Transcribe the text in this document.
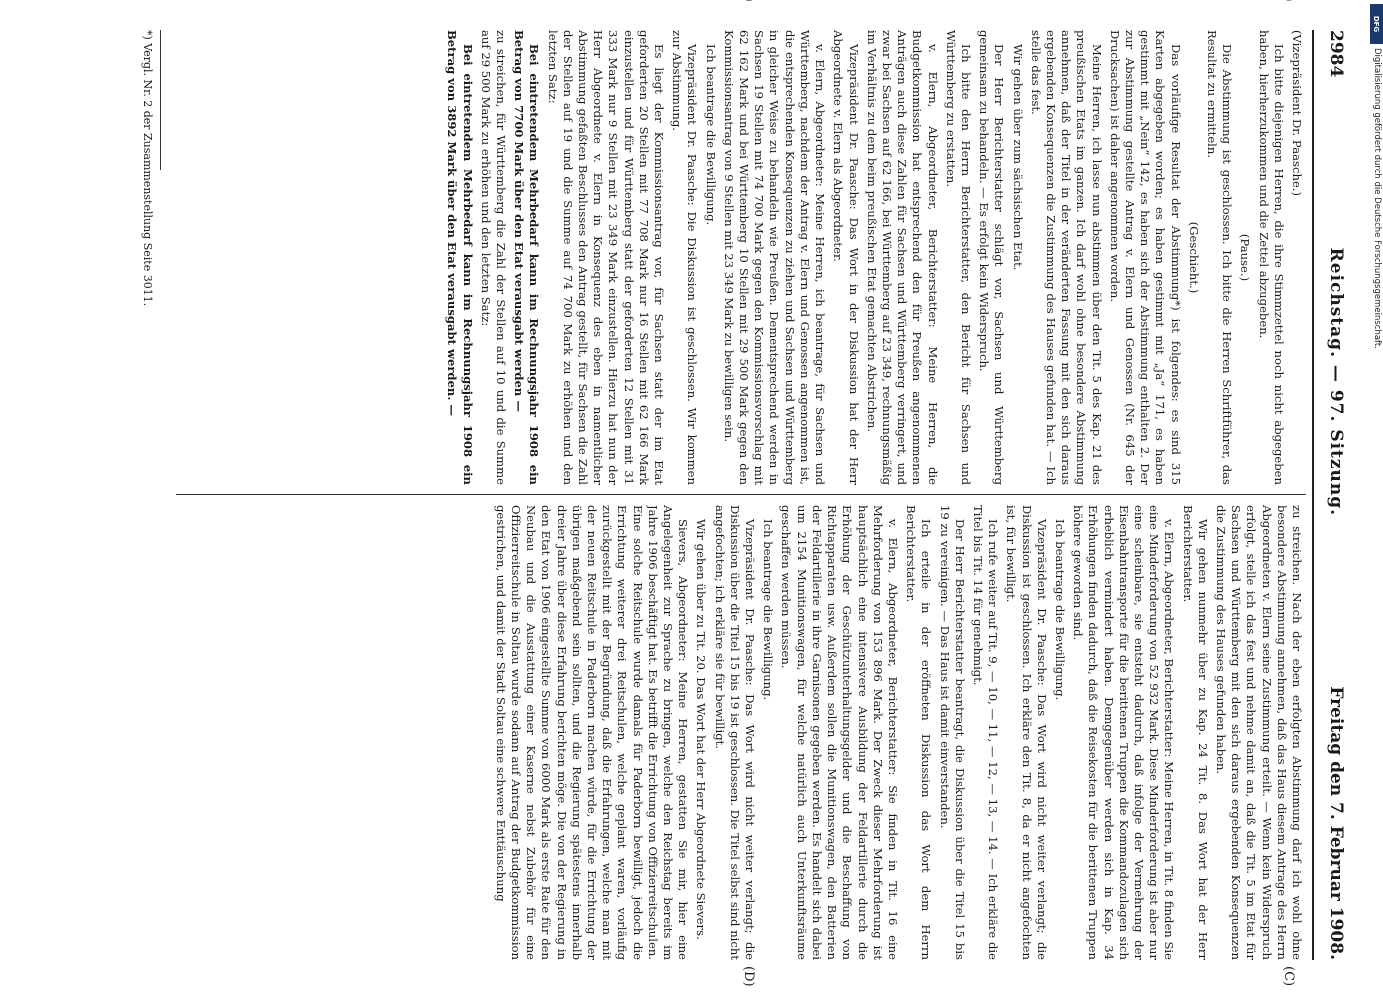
2984
Reichstag. — 97. Sitzung.
Freitag den 7. Februar 1908.
(C)
(D)

(Vizepräsident Dr. Paasche.)

Ich bitte diejenigen Herren, die ihre Stimmzettel noch nicht abgegeben haben, hierherzukommen und die Zettel abzugeben.

(Pause.)

Die Abstimmung ist geschlossen. Ich bitte die Herren Schriftführer, das Resultat zu ermitteln.

(Geschieht.)

Das vorläufige Resultat der Abstimmung*) ist folgendes: es sind 315 Karten abgegeben worden; es haben gestimmt mit „Ja“ 171, es haben gestimmt mit „Nein“ 142, es haben sich der Abstimmung enthalten 2. Der zur Abstimmung gestellte Antrag v. Elern und Genossen (Nr. 645 der Drucksachen) ist daher angenommen worden.

Meine Herren, ich lasse nun abstimmen über den Tit. 5 des Kap. 21 des preußischen Etats im ganzen. Ich darf wohl ohne besondere Abstimmung annehmen, daß der Titel in der veränderten Fassung mit den sich daraus ergebenden Konsequenzen die Zustimmung des Hauses gefunden hat. — Ich stelle das fest.

Wir gehen über zum sächsischen Etat.

Der Herr Berichterstatter schlägt vor, Sachsen und Württemberg gemeinsam zu behandeln. — Es erfolgt kein Widerspruch.

Ich bitte den Herrn Berichterstatter, den Bericht für Sachsen und Württemberg zu erstatten.

v. Elern, Abgeordneter, Berichterstatter: Meine Herren, die Budgetkommission hat entsprechend den für Preußen angenommenen Anträgen auch diese Zahlen für Sachsen und Württemberg verringert, und zwar bei Sachsen auf 62 166, bei Württemberg auf 23 349, rechnungsmäßig im Verhältnis zu dem beim preußischen Etat gemachten Abstrichen.

Vizepräsident Dr. Paasche: Das Wort in der Diskussion hat der Herr Abgeordnete v. Elern als Abgeordneter.

v. Elern, Abgeordneter: Meine Herren, ich beantrage, für Sachsen und Württemberg, nachdem der Antrag v. Elern und Genossen angenommen ist, die entsprechenden Konsequenzen zu ziehen und Sachsen und Württemberg in gleicher Weise zu behandeln wie Preußen. Dementsprechend werden in Sachsen 19 Stellen mit 74 700 Mark gegen den Kommissionsvorschlag mit 62 162 Mark und bei Württemberg 10 Stellen mit 29 500 Mark gegen den Kommissionsantrag von 9 Stellen mit 23 349 Mark zu bewilligen sein.

Ich beantrage die Bewilligung.

Vizepräsident Dr. Paasche: Die Diskussion ist geschlossen. Wir kommen zur Abstimmung.

Es liegt der Kommissionsantrag vor, für Sachsen statt der im Etat geforderten 20 Stellen mit 77 708 Mark nur 16 Stellen mit 62 166 Mark einzustellen und für Württemberg statt der geforderten 12 Stellen mit 31 333 Mark nur 9 Stellen mit 23 349 Mark einzustellen. Hierzu hat nun der Herr Abgeordnete v. Elern in Konsequenz des eben in namentlicher Abstimmung gefaßten Beschlusses den Antrag gestellt, für Sachsen die Zahl der Stellen auf 19 und die Summe auf 74 700 Mark zu erhöhen und den letzten Satz:

Bei eintretendem Mehrbedarf kann im Rechnungsjahr 1908 ein Betrag von 7700 Mark über den Etat verausgabt werden —

zu streichen, für Württemberg die Zahl der Stellen auf 10 und die Summe auf 29 500 Mark zu erhöhen und den letzten Satz:

Bei eintretendem Mehrbedarf kann im Rechnungsjahr 1908 ein Betrag von 3892 Mark über den Etat verausgabt werden. —

zu streichen. Nach der eben erfolgten Abstimmung darf ich wohl ohne besondere Abstimmung annehmen, daß das Haus diesem Antrage des Herrn Abgeordneten v. Elern seine Zustimmung erteilt. — Wenn kein Widerspruch erfolgt, stelle ich das fest und nehme damit an, daß die Tit. 5 im Etat für Sachsen und Württemberg mit den sich daraus ergebenden Konsequenzen die Zustimmung des Hauses gefunden haben.

Wir gehen nunmehr über zu Kap. 24 Tit. 8. Das Wort hat der Herr Berichterstatter.

v. Elern, Abgeordneter, Berichterstatter: Meine Herren, in Tit. 8 finden Sie eine Minderforderung von 52 932 Mark. Diese Minderforderung ist aber nur eine scheinbare, sie entsteht dadurch, daß infolge der Vermehrung der Eisenbahntransporte für die berittenen Truppen die Kommandozulagen sich erheblich vermindert haben. Demgegenüber werden sich in Kap. 34 Erhöhungen finden dadurch, daß die Reisekosten für die berittenen Truppen höhere geworden sind.

Ich beantrage die Bewilligung.

Vizepräsident Dr. Paasche: Das Wort wird nicht weiter verlangt; die Diskussion ist geschlossen. Ich erkläre den Tit. 8, da er nicht angefochten ist, für bewilligt.

Ich rufe weiter auf Tit. 9, — 10, — 11, — 12, — 13, — 14. — Ich erkläre die Titel bis Tit. 14 für genehmigt.

Der Herr Berichterstatter beantragt, die Diskussion über die Titel 15 bis 19 zu vereinigen. — Das Haus ist damit einverstanden.

Ich erteile in der eröffneten Diskussion das Wort dem Herrn Berichterstatter.

v. Elern, Abgeordneter, Berichterstatter: Sie finden in Tit. 16 eine Mehrforderung von 153 896 Mark. Der Zweck dieser Mehrforderung ist hauptsächlich eine intensivere Ausbildung der Feldartillerie durch die Erhöhung der Geschützunterhaltungsgelder und die Beschaffung von Richtapparaten usw. Außerdem sollen die Munitionswagen, den Batterien der Feldartillerie in ihre Garnisonen gegeben werden. Es handelt sich dabei um 2154 Munitionswagen, für welche natürlich auch Unterkunftsräume geschaffen werden müssen.

Ich beantrage die Bewilligung.

Vizepräsident Dr. Paasche: Das Wort wird nicht weiter verlangt; die Diskussion über die Titel 15 bis 19 ist geschlossen. Die Titel selbst sind nicht angefochten; ich erkläre sie für bewilligt.

Wir gehen über zu Tit. 20. Das Wort hat der Herr Abgeordnete Sievers.

Sievers, Abgeordneter: Meine Herren, gestatten Sie mir, hier eine Angelegenheit zur Sprache zu bringen, welche den Reichstag bereits im Jahre 1906 beschäftigt hat. Es betrifft die Errichtung von Offizierreitschulen. Eine solche Reitschule wurde damals für Paderborn bewilligt, jedoch die Errichtung weiterer drei Reitschulen, welche geplant waren, vorläufig zurückgestellt mit der Begründung, daß die Erfahrungen, welche man mit der neuen Reitschule in Paderborn machen würde, für die Errichtung der übrigen maßgebend sein sollten, und die Regierung spätestens innerhalb dreier Jahre über diese Erfahrung berichten möge. Die von der Regierung in den Etat von 1906 eingestellte Summe von 6000 Mark als erste Rate für den Neubau und die Ausstattung einer Kaserne nebst Zubehör für eine Offizierreitschule in Soltau wurde sodann auf Antrag der Budgetkommission gestrichen, und damit der Stadt Soltau eine schwere Enttäuschung

*) Vergl. Nr. 2 der Zusammenstellung Seite 3011.
DFG
Digitalisierung gefördert durch die Deutsche Forschungsgemeinschaft.
